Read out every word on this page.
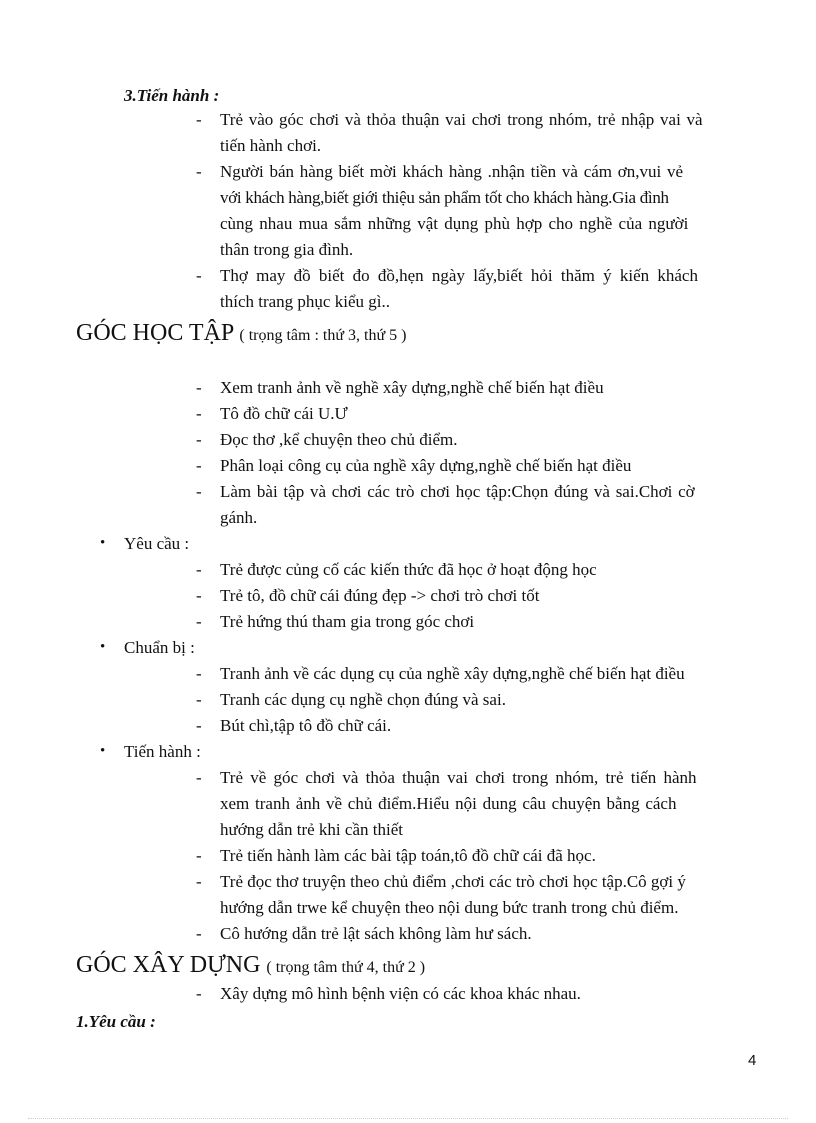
3.Tiến hành :
- Trẻ vào góc chơi và thỏa thuận vai chơi trong nhóm, trẻ nhập vai và
tiến hành chơi.
- Người bán hàng biết mời khách hàng .nhận tiền và cám ơn,vui vẻ
với khách hàng,biết giới thiệu sản phẩm tốt cho khách hàng.Gia đình
cùng nhau mua sắm những vật dụng phù hợp cho nghề của người
thân trong gia đình.
- Thợ may đồ biết đo đồ,hẹn ngày lấy,biết hỏi thăm ý kiến khách
thích trang phục kiểu gì..
GÓC HỌC TẬP ( trọng tâm : thứ 3, thứ 5 )
- Xem tranh ảnh về nghề xây dựng,nghề chế biến hạt điều
- Tô đồ chữ cái U.Ư
- Đọc thơ ,kể chuyện theo chủ điểm.
- Phân loại công cụ của nghề xây dựng,nghề chế biến hạt điều
- Làm bài tập và chơi các trò chơi học tập:Chọn đúng và sai.Chơi cờ
gánh.
• Yêu cầu :
- Trẻ được củng cố các kiến thức đã học ở hoạt động học
- Trẻ tô, đồ chữ cái đúng đẹp -> chơi trò chơi tốt
- Trẻ hứng thú tham gia trong góc chơi
• Chuẩn bị :
- Tranh ảnh về các dụng cụ của nghề xây dựng,nghề chế biến hạt điều
- Tranh các dụng cụ nghề chọn đúng và sai.
- Bút chì,tập tô đồ chữ cái.
• Tiến hành :
- Trẻ về góc chơi và thỏa thuận vai chơi trong nhóm, trẻ tiến hành
xem tranh ảnh về chủ điểm.Hiểu nội dung câu chuyện bằng cách
hướng dẫn trẻ khi cần thiết
- Trẻ tiến hành làm các bài tập toán,tô đồ chữ cái đã học.
- Trẻ đọc thơ truyện theo chủ điểm ,chơi các trò chơi học tập.Cô gợi ý
hướng dẫn trwe kể chuyện theo nội dung bức tranh trong chủ điểm.
- Cô hướng dẫn trẻ lật sách không làm hư sách.
GÓC XÂY DỰNG ( trọng tâm thứ 4, thứ 2 )
- Xây dựng mô hình bệnh viện có các khoa khác nhau.
1.Yêu cầu :
4
